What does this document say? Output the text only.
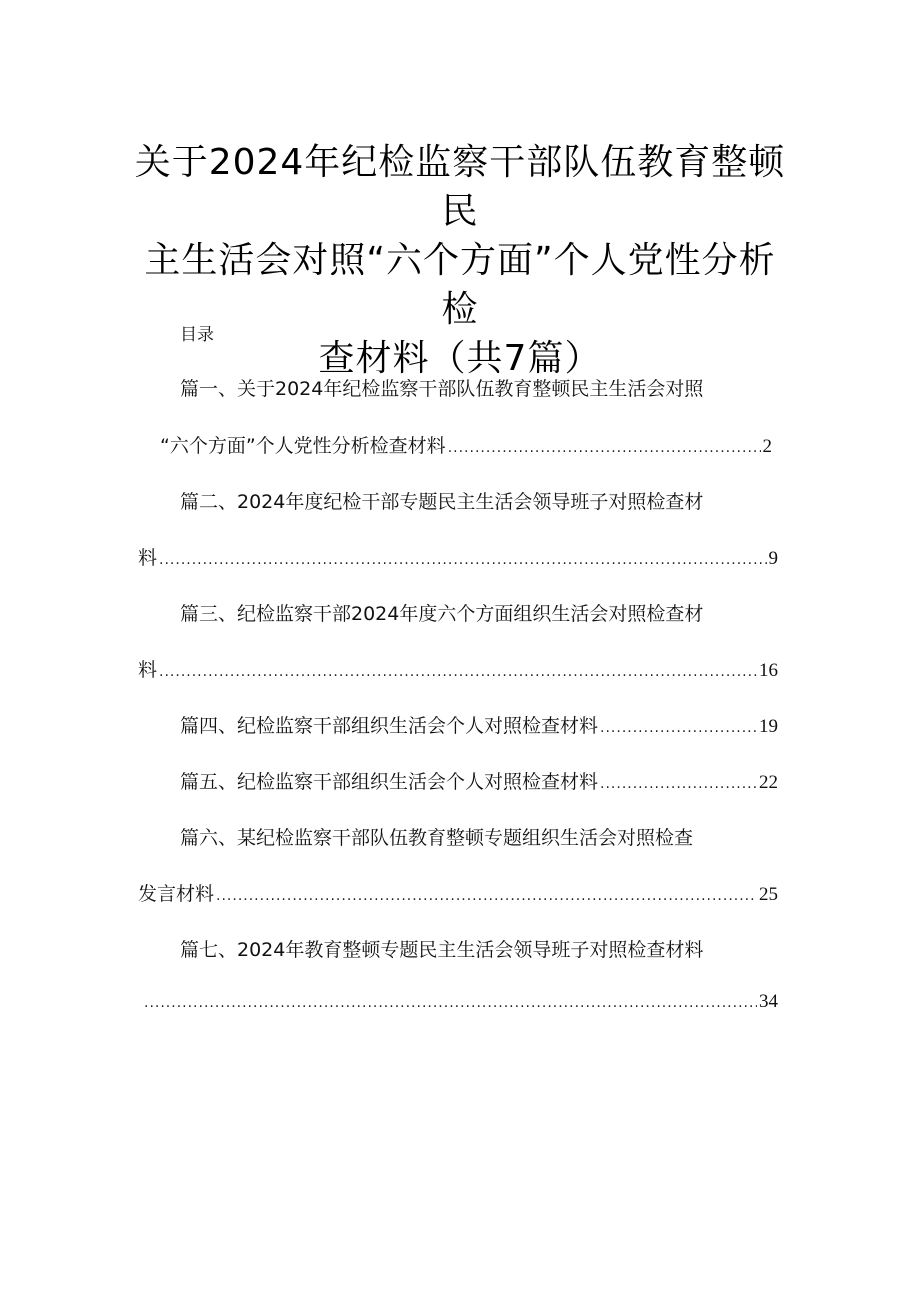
关于2024年纪检监察干部队伍教育整顿民
主生活会对照“六个方面”个人党性分析检
查材料（共7篇）
目录
篇一、关于2024年纪检监察干部队伍教育整顿民主生活会对照
“六个方面”个人党性分析检查材料 .....	2
篇二、2024年度纪检干部专题民主生活会领导班子对照检查材
料 .....	9
篇三、纪检监察干部2024年度六个方面组织生活会对照检查材
料 .....	16
篇四、纪检监察干部组织生活会个人对照检查材料 .....	19
篇五、纪检监察干部组织生活会个人对照检查材料 .....	22
篇六、某纪检监察干部队伍教育整顿专题组织生活会对照检查
发言材料 .....	25
篇七、2024年教育整顿专题民主生活会领导班子对照检查材料
.....
34
